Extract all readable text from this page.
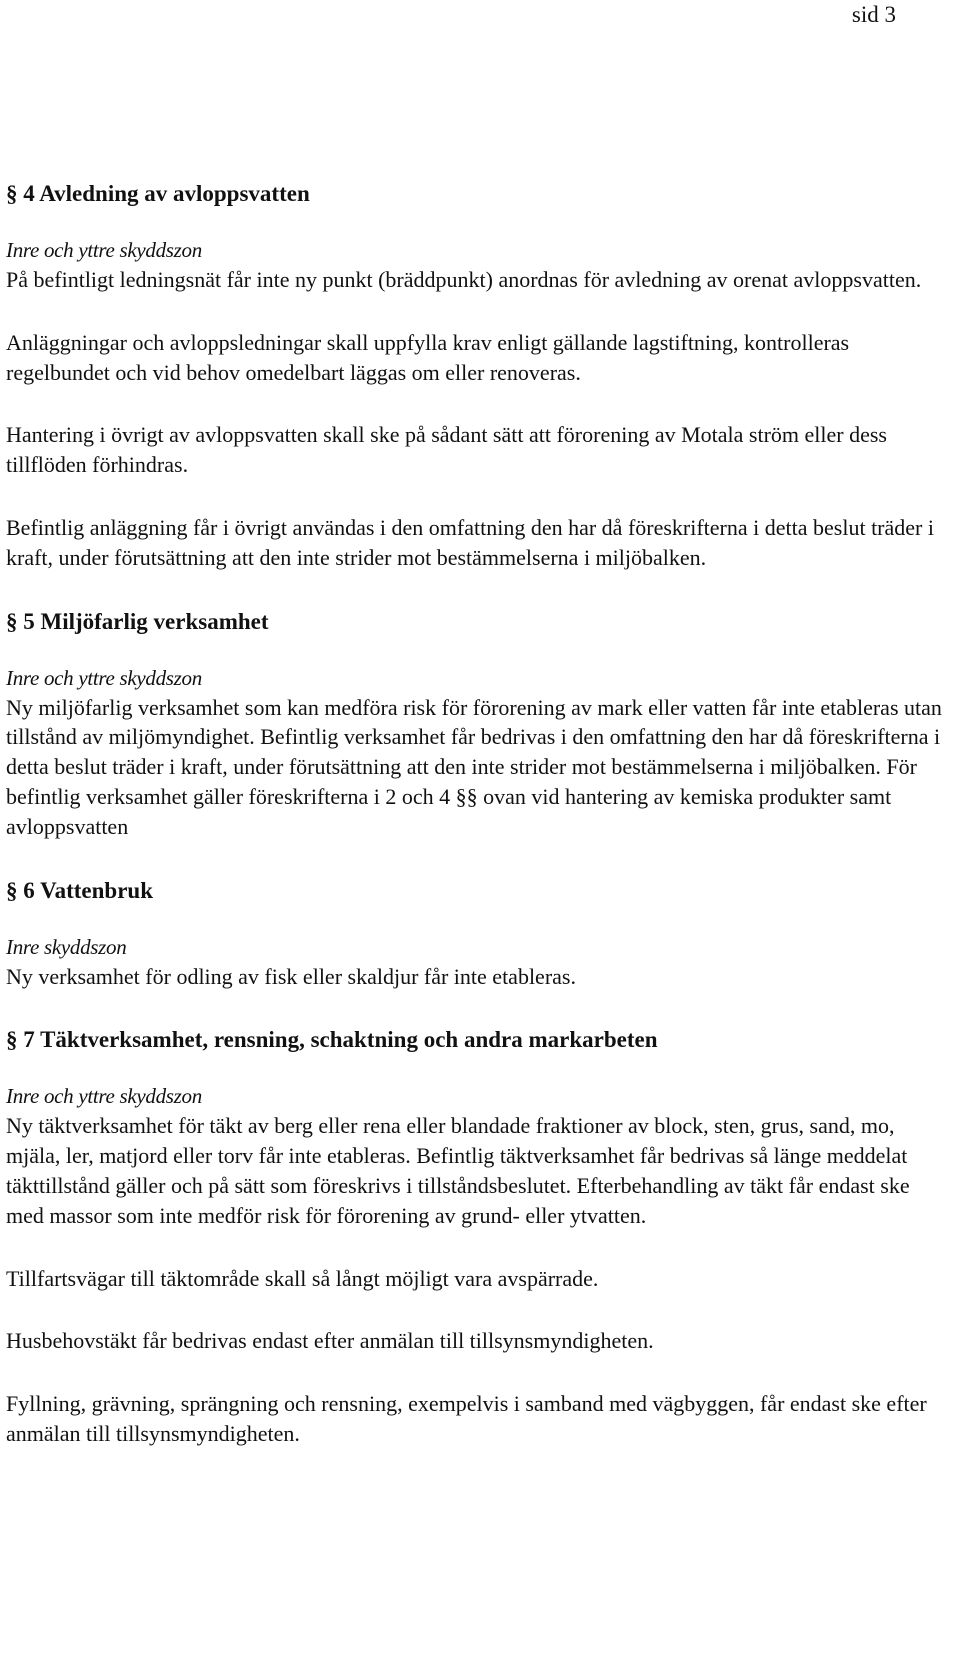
sid 3
§ 4 Avledning av avloppsvatten

Inre och yttre skyddszon

På befintligt ledningsnät får inte ny punkt (bräddpunkt) anordnas för avledning av orenat avloppsvatten.

Anläggningar och avloppsledningar skall uppfylla krav enligt gällande lagstiftning, kontrolleras regelbundet och vid behov omedelbart läggas om eller renoveras.

Hantering i övrigt av avloppsvatten skall ske på sådant sätt att förorening av Motala ström eller dess tillflöden förhindras.

Befintlig anläggning får i övrigt användas i den omfattning den har då föreskrifterna i detta beslut träder i kraft, under förutsättning att den inte strider mot bestämmelserna i miljöbalken.

§ 5 Miljöfarlig verksamhet

Inre och yttre skyddszon

Ny miljöfarlig verksamhet som kan medföra risk för förorening av mark eller vatten får inte etableras utan tillstånd av miljömyndighet. Befintlig verksamhet får bedrivas i den omfattning den har då föreskrifterna i detta beslut träder i kraft, under förutsättning att den inte strider mot bestämmelserna i miljöbalken. För befintlig verksamhet gäller föreskrifterna i 2 och 4 §§ ovan vid hantering av kemiska produkter samt avloppsvatten

§ 6 Vattenbruk

Inre skyddszon

Ny verksamhet för odling av fisk eller skaldjur får inte etableras.

§ 7 Täktverksamhet, rensning, schaktning och andra markarbeten

Inre och yttre skyddszon

Ny täktverksamhet för täkt av berg eller rena eller blandade fraktioner av block, sten, grus, sand, mo, mjäla, ler, matjord eller torv får inte etableras. Befintlig täktverksamhet får bedrivas så länge meddelat täkttillstånd gäller och på sätt som föreskrivs i tillståndsbeslutet. Efterbehandling av täkt får endast ske med massor som inte medför risk för förorening av grund- eller ytvatten.

Tillfartsvägar till täktområde skall så långt möjligt vara avspärrade.

Husbehovstäkt får bedrivas endast efter anmälan till tillsynsmyndigheten.

Fyllning, grävning, sprängning och rensning, exempelvis i samband med vägbyggen, får endast ske efter anmälan till tillsynsmyndigheten.
